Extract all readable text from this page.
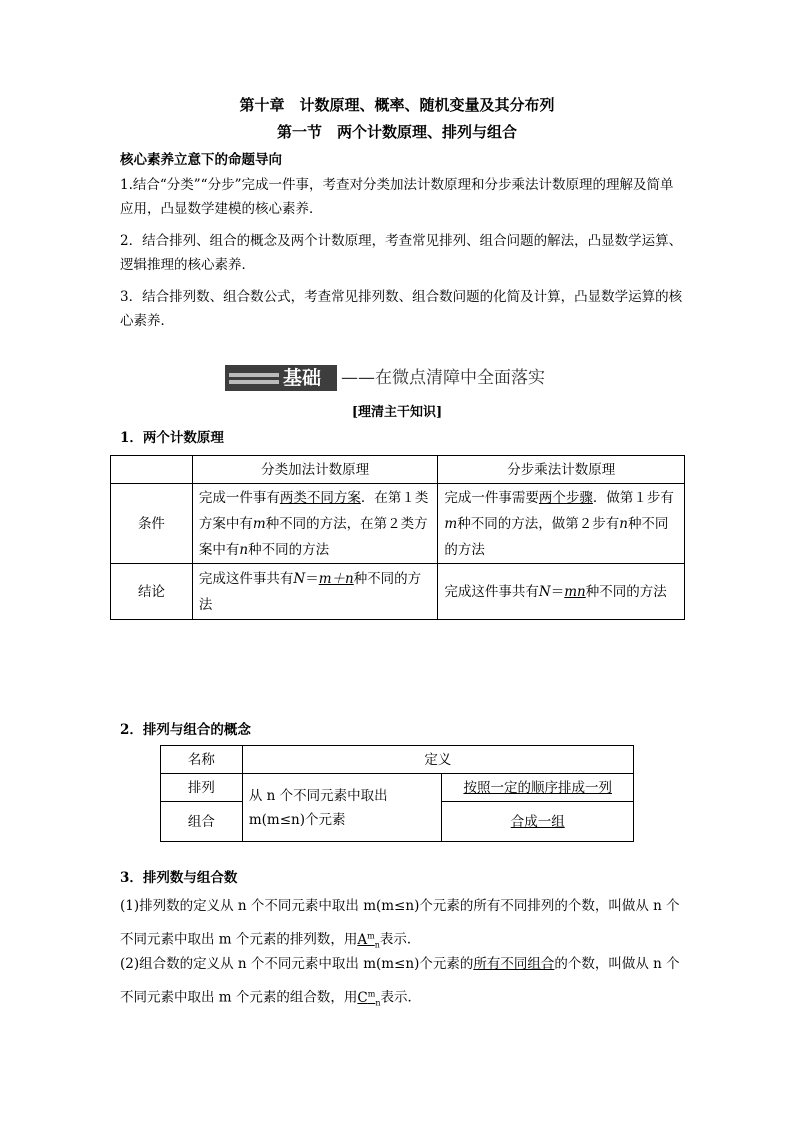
第十章　计数原理、概率、随机变量及其分布列
第一节　两个计数原理、排列与组合
核心素养立意下的命题导向
1.结合“分类”“分步”完成一件事，考查对分类加法计数原理和分步乘法计数原理的理解及简单应用，凸显数学建模的核心素养．
2．结合排列、组合的概念及两个计数原理，考查常见排列、组合问题的解法，凸显数学运算、逻辑推理的核心素养．
3．结合排列数、组合数公式，考查常见排列数、组合数问题的化简及计算，凸显数学运算的核心素养．
基础 ——在微点清障中全面落实
[理清主干知识]
1．两个计数原理
	分类加法计数原理	分步乘法计数原理
条件	完成一件事有两类不同方案．在第１类方案中有m种不同的方法，在第２类方案中有n种不同的方法	完成一件事需要两个步骤．做第１步有m种不同的方法，做第２步有n种不同的方法
结论	完成这件事共有N＝m＋n种不同的方法	完成这件事共有N＝mn种不同的方法
2．排列与组合的概念
名称	定义	
排列	从 n 个不同元素中取出 m(m≤n)个元素	按照一定的顺序排成一列
组合		合成一组
3．排列数与组合数
(1)排列数的定义从 n 个不同元素中取出 m(m≤n)个元素的所有不同排列的个数，叫做从 n 个不同元素中取出 m 个元素的排列数，用$A^m_n$表示．
(2)组合数的定义从 n 个不同元素中取出 m(m≤n)个元素的所有不同组合的个数，叫做从 n 个不同元素中取出 m 个元素的组合数，用$C^m_n$表示．
